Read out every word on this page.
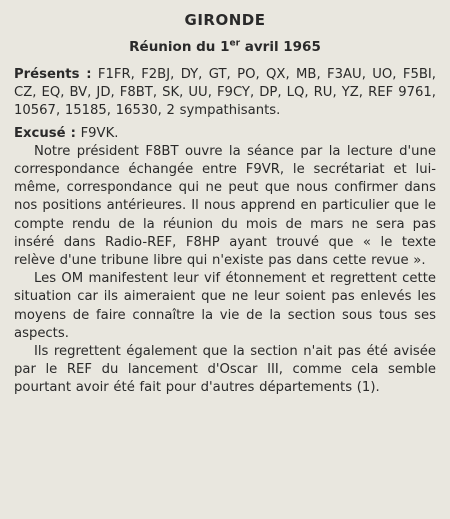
GIRONDE
Réunion du 1er avril 1965

Présents : F1FR, F2BJ, DY, GT, PO, QX, MB, F3AU, UO, F5BI, CZ, EQ, BV, JD, F8BT, SK, UU, F9CY, DP, LQ, RU, YZ, REF 9761, 10567, 15185, 16530, 2 sympathisants.

Excusé : F9VK.

Notre président F8BT ouvre la séance par la lecture d'une correspondance échangée entre F9VR, le secrétariat et lui-même, correspondance qui ne peut que nous confirmer dans nos positions antérieures. Il nous apprend en particulier que le compte rendu de la réunion du mois de mars ne sera pas inséré dans Radio-REF, F8HP ayant trouvé que « le texte relève d'une tribune libre qui n'existe pas dans cette revue ».

Les OM manifestent leur vif étonnement et regrettent cette situation car ils aimeraient que ne leur soient pas enlevés les moyens de faire connaître la vie de la section sous tous ses aspects.

Ils regrettent également que la section n'ait pas été avisée par le REF du lancement d'Oscar III, comme cela semble pourtant avoir été fait pour d'autres départements (1).
